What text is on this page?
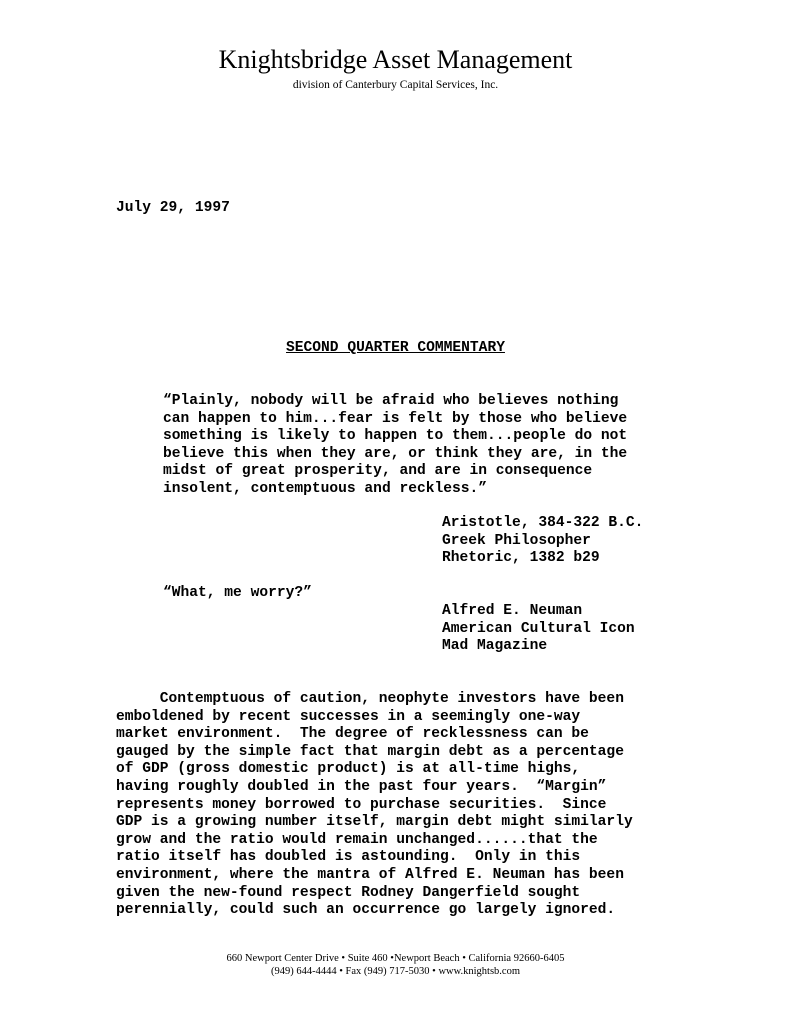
Knightsbridge Asset Management
division of Canterbury Capital Services, Inc.
July 29, 1997
SECOND QUARTER COMMENTARY
“Plainly, nobody will be afraid who believes nothing
can happen to him...fear is felt by those who believe
something is likely to happen to them...people do not
believe this when they are, or think they are, in the
midst of great prosperity, and are in consequence
insolent, contemptuous and reckless.”
Aristotle, 384-322 B.C.
Greek Philosopher
Rhetoric, 1382 b29
“What, me worry?”
Alfred E. Neuman
American Cultural Icon
Mad Magazine
Contemptuous of caution, neophyte investors have been
emboldened by recent successes in a seemingly one-way
market environment.  The degree of recklessness can be
gauged by the simple fact that margin debt as a percentage
of GDP (gross domestic product) is at all-time highs,
having roughly doubled in the past four years.  “Margin”
represents money borrowed to purchase securities.  Since
GDP is a growing number itself, margin debt might similarly
grow and the ratio would remain unchanged......that the
ratio itself has doubled is astounding.  Only in this
environment, where the mantra of Alfred E. Neuman has been
given the new-found respect Rodney Dangerfield sought
perennially, could such an occurrence go largely ignored.
660 Newport Center Drive • Suite 460 •Newport Beach • California 92660-6405
(949) 644-4444 • Fax (949) 717-5030 • www.knightsb.com
